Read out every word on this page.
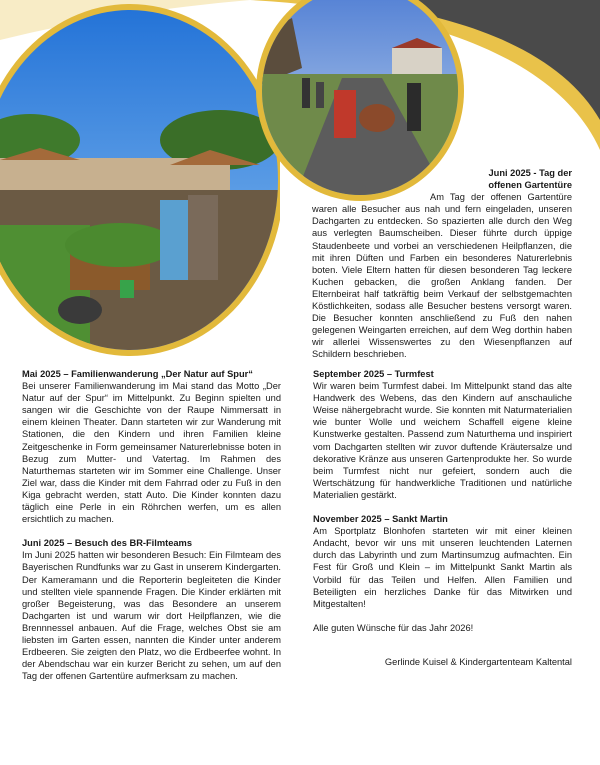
Juni 2025 - Tag der
offenen Gartentüre

Am Tag der offenen Gartentüre waren alle Besucher aus nah und fern eingeladen, unseren Dachgarten zu entdecken. So spazierten alle durch den Weg aus verlegten Baumscheiben. Dieser führte durch üppige Staudenbeete und vorbei an verschiedenen Heilpflanzen, die mit ihren Düften und Farben ein besonderes Naturerlebnis boten. Viele Eltern hatten für diesen besonderen Tag leckere Kuchen gebacken, die großen Anklang fanden. Der Elternbeirat half tatkräftig beim Verkauf der selbstgemachten Köstlichkeiten, sodass alle Besucher bestens versorgt waren. Die Besucher konnten anschließend zu Fuß den nahen gelegenen Weingarten erreichen, auf dem Weg dorthin haben wir allerlei Wissenswertes zu den Wiesenpflanzen auf Schildern beschrieben.

Mai 2025 – Familienwanderung „Der Natur auf Spur“

Bei unserer Familienwanderung im Mai stand das Motto „Der Natur auf der Spur“ im Mittelpunkt. Zu Beginn spielten und sangen wir die Geschichte von der Raupe Nimmersatt in einem kleinen Theater. Dann starteten wir zur Wanderung mit Stationen, die den Kindern und ihren Familien kleine Zeitgeschenke in Form gemeinsamer Naturerlebnisse boten in Bezug zum Mutter- und Vatertag. Im Rahmen des Naturthemas starteten wir im Sommer eine Challenge. Unser Ziel war, dass die Kinder mit dem Fahrrad oder zu Fuß in den Kiga gebracht werden, statt Auto. Die Kinder konnten dazu täglich eine Perle in ein Röhrchen werfen, um es allen ersichtlich zu machen.

Juni 2025 – Besuch des BR-Filmteams

Im Juni 2025 hatten wir besonderen Besuch: Ein Filmteam des Bayerischen Rundfunks war zu Gast in unserem Kindergarten. Der Kameramann und die Reporterin begleiteten die Kinder und stellten viele spannende Fragen. Die Kinder erklärten mit großer Begeisterung, was das Besondere an unserem Dachgarten ist und warum wir dort Heilpflanzen, wie die Brennnessel anbauen. Auf die Frage, welches Obst sie am liebsten im Garten essen, nannten die Kinder unter anderem Erdbeeren. Sie zeigten den Platz, wo die Erdbeerfee wohnt. In der Abendschau war ein kurzer Bericht zu sehen, um auf den Tag der offenen Gartentüre aufmerksam zu machen.

September 2025 – Turmfest

Wir waren beim Turmfest dabei. Im Mittelpunkt stand das alte Handwerk des Webens, das den Kindern auf anschauliche Weise nähergebracht wurde. Sie konnten mit Naturmaterialien wie bunter Wolle und weichem Schaffell eigene kleine Kunstwerke gestalten. Passend zum Naturthema und inspiriert vom Dachgarten stellten wir zuvor duftende Kräutersalze und dekorative Kränze aus unseren Gartenprodukte her. So wurde beim Turmfest nicht nur gefeiert, sondern auch die Wertschätzung für handwerkliche Traditionen und natürliche Materialien gestärkt.

November 2025 – Sankt Martin

Am Sportplatz Blonhofen starteten wir mit einer kleinen Andacht, bevor wir uns mit unseren leuchtenden Laternen durch das Labyrinth und zum Martinsumzug aufmachten. Ein Fest für Groß und Klein – im Mittelpunkt Sankt Martin als Vorbild für das Teilen und Helfen. Allen Familien und Beteiligten ein herzliches Danke für das Mitwirken und Mitgestalten!

Alle guten Wünsche für das Jahr 2026!

Gerlinde Kuisel & Kindergartenteam Kaltental
